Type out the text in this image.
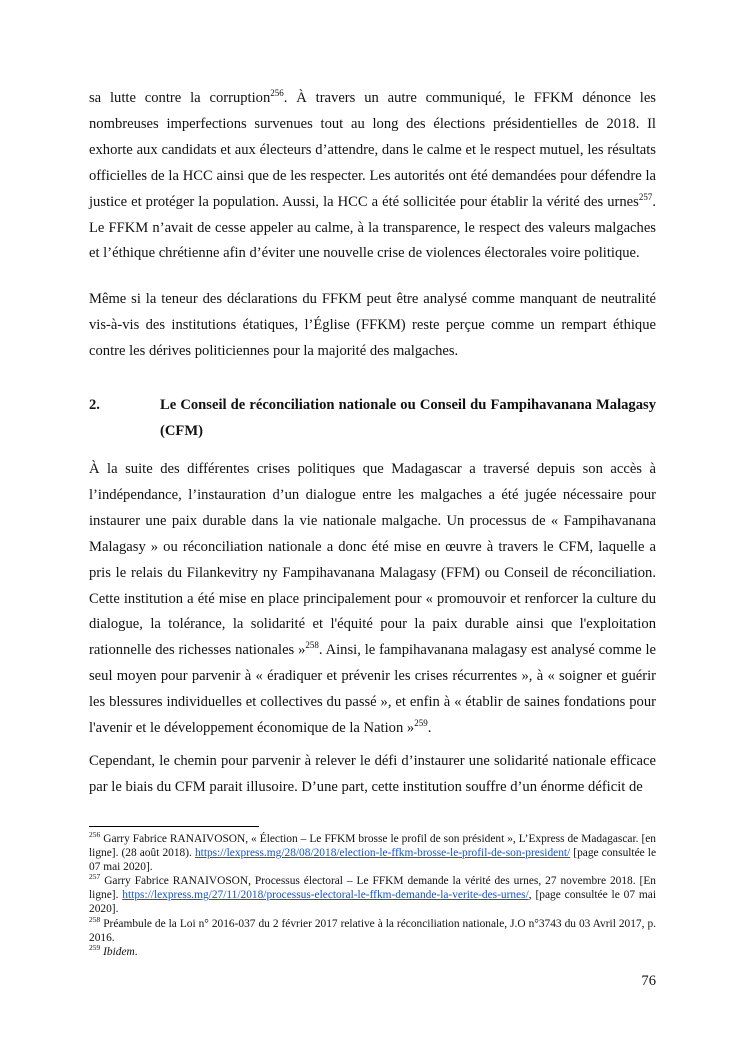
sa lutte contre la corruption$^{256}$. À travers un autre communiqué, le FFKM dénonce les nombreuses imperfections survenues tout au long des élections présidentielles de 2018. Il exhorte aux candidats et aux électeurs d’attendre, dans le calme et le respect mutuel, les résultats officielles de la HCC ainsi que de les respecter. Les autorités ont été demandées pour défendre la justice et protéger la population. Aussi, la HCC a été sollicitée pour établir la vérité des urnes$^{257}$. Le FFKM n’avait de cesse appeler au calme, à la transparence, le respect des valeurs malgaches et l’éthique chrétienne afin d’éviter une nouvelle crise de violences électorales voire politique.

Même si la teneur des déclarations du FFKM peut être analysé comme manquant de neutralité vis-à-vis des institutions étatiques, l’Église (FFKM) reste perçue comme un rempart éthique contre les dérives politiciennes pour la majorité des malgaches.

2.	Le Conseil de réconciliation nationale ou Conseil du Fampihavanana Malagasy (CFM)

À la suite des différentes crises politiques que Madagascar a traversé depuis son accès à l’indépendance, l’instauration d’un dialogue entre les malgaches a été jugée nécessaire pour instaurer une paix durable dans la vie nationale malgache. Un processus de « Fampihavanana Malagasy » ou réconciliation nationale a donc été mise en œuvre à travers le CFM, laquelle a pris le relais du Filankevitry ny Fampihavanana Malagasy (FFM) ou Conseil de réconciliation. Cette institution a été mise en place principalement pour « promouvoir et renforcer la culture du dialogue, la tolérance, la solidarité et l'équité pour la paix durable ainsi que l'exploitation rationnelle des richesses nationales »$^{258}$. Ainsi, le fampihavanana malagasy est analysé comme le seul moyen pour parvenir à « éradiquer et prévenir les crises récurrentes », à « soigner et guérir les blessures individuelles et collectives du passé », et enfin à « établir de saines fondations pour l'avenir et le développement économique de la Nation »$^{259}$.

Cependant, le chemin pour parvenir à relever le défi d’instaurer une solidarité nationale efficace par le biais du CFM parait illusoire. D’une part, cette institution souffre d’un énorme déficit de

$^{256}$ Garry Fabrice RANAIVOSON, « Élection – Le FFKM brosse le profil de son président », L’Express de Madagascar. [en ligne]. (28 août 2018). https://lexpress.mg/28/08/2018/election-le-ffkm-brosse-le-profil-de-son-president/ [page consultée le 07 mai 2020].

$^{257}$ Garry Fabrice RANAIVOSON, Processus électoral – Le FFKM demande la vérité des urnes, 27 novembre 2018. [En ligne]. https://lexpress.mg/27/11/2018/processus-electoral-le-ffkm-demande-la-verite-des-urnes/, [page consultée le 07 mai 2020].

$^{258}$ Préambule de la Loi n° 2016-037 du 2 février 2017 relative à la réconciliation nationale, J.O n°3743 du 03 Avril 2017, p. 2016.

$^{259}$ Ibidem.

76
